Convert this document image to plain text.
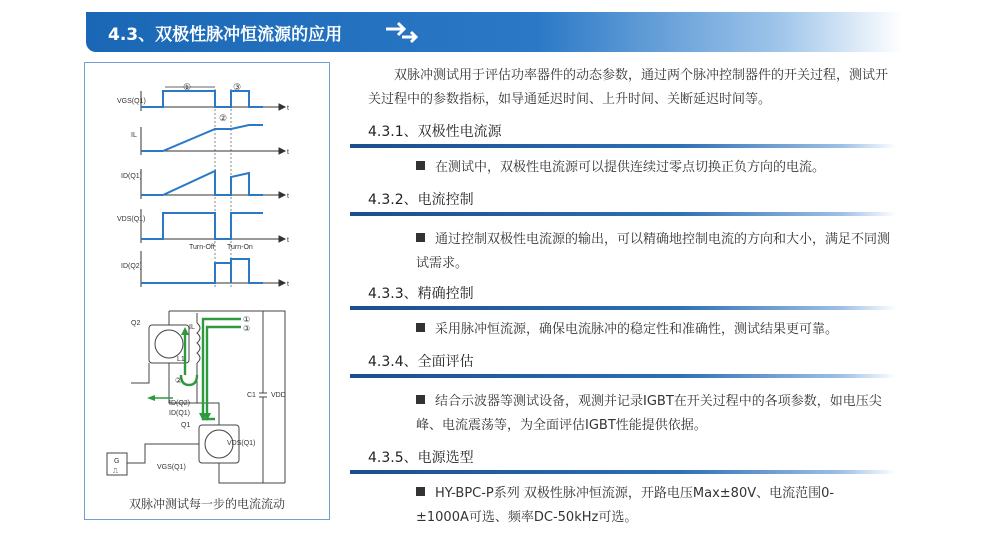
4.3、双极性脉冲恒流源的应用
t
t
t
t
t
VGS(Q1)
IL
ID(Q1)
VDS(Q1)
ID(Q2)
Turn-Off Turn-On
①
②
③
Q2
Q1
L1
IL
C1 VDD
ID(Q2)
ID(Q1)
VDS(Q1)
VGS(Q1)
G
⎍
①
③
②
双脉冲测试每一步的电流流动
双脉冲测试用于评估功率器件的动态参数，通过两个脉冲控制器件的开关过程，测试开关过程中的参数指标，如导通延迟时间、上升时间、关断延迟时间等。
4.3.1、双极性电流源
在测试中，双极性电流源可以提供连续过零点切换正负方向的电流。
4.3.2、电流控制
通过控制双极性电流源的输出，可以精确地控制电流的方向和大小，满足不同测试需求。
4.3.3、精确控制
采用脉冲恒流源，确保电流脉冲的稳定性和准确性，测试结果更可靠。
4.3.4、全面评估
结合示波器等测试设备，观测并记录IGBT在开关过程中的各项参数，如电压尖峰、电流震荡等，为全面评估IGBT性能提供依据。
4.3.5、电源选型
HY-BPC-P系列 双极性脉冲恒流源，开路电压Max±80V、电流范围0-±1000A可选、频率DC-50kHz可选。
